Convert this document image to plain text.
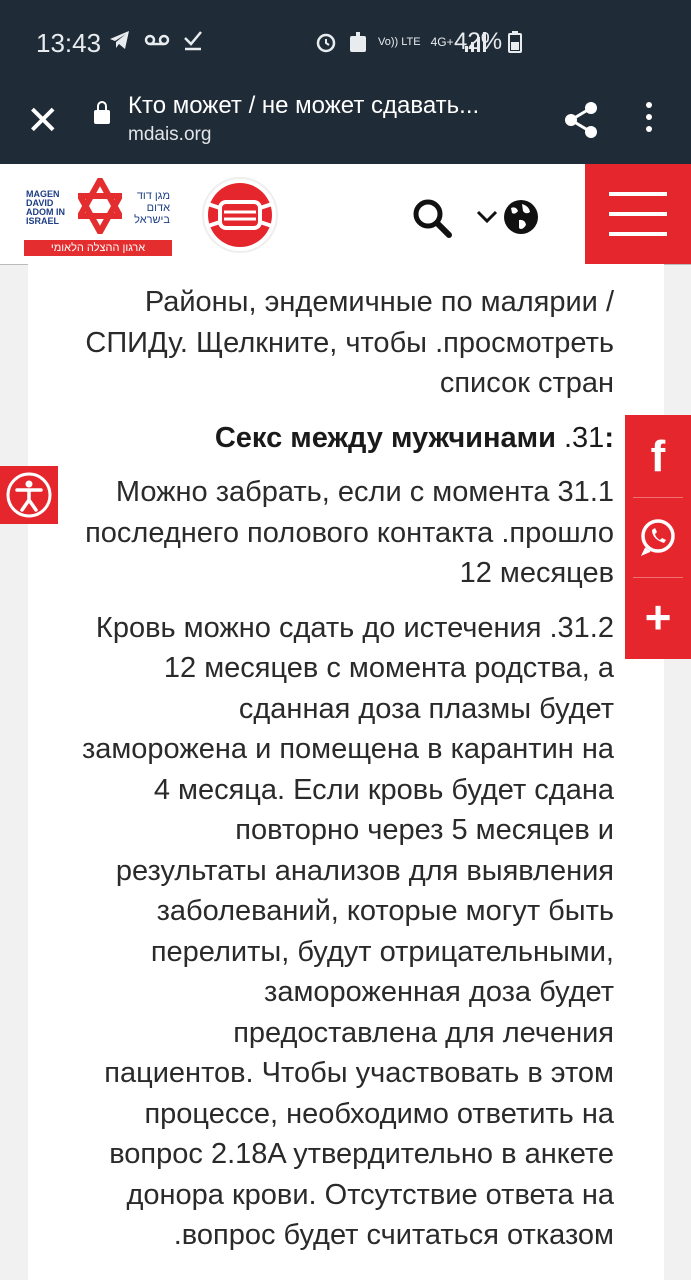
13:43	Vo)) LTE 4G+ 42%
✕	Кто может / не может сдавать...
mdais.org
MAGEN DAVID ADOM IN ISRAEL
מגן דוד אדום בישראל
ארגון ההצלה הלאומי

Районы, эндемичные по малярии / СПИДу. Щелкните, чтобы .просмотреть список стран

:Секс между мужчинами .31

Можно забрать, если с момента 31.1 последнего полового контакта .прошло 12 месяцев

Кровь можно сдать до истечения .31.2 12 месяцев с момента родства, а сданная доза плазмы будет заморожена и помещена в карантин на 4 месяца. Если кровь будет сдана повторно через 5 месяцев и результаты анализов для выявления заболеваний, которые могут быть перелиты, будут отрицательными, замороженная доза будет предоставлена для лечения пациентов. Чтобы участвовать в этом процессе, необходимо ответить на вопрос 2.18A утвердительно в анкете донора крови. Отсутствие ответа на .вопрос будет считаться отказом

f
+
